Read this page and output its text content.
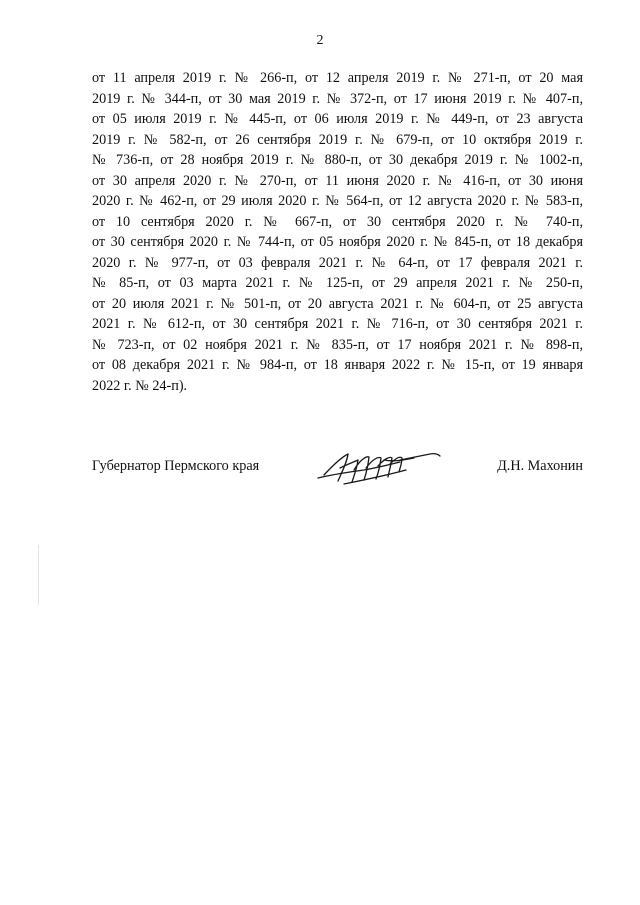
2
от 11 апреля 2019 г. № 266-п, от 12 апреля 2019 г. № 271-п, от 20 мая
2019 г. № 344-п, от 30 мая 2019 г. № 372-п, от 17 июня 2019 г. № 407-п,
от 05 июля 2019 г. № 445-п, от 06 июля 2019 г. № 449-п, от 23 августа
2019 г. № 582-п, от 26 сентября 2019 г. № 679-п, от 10 октября 2019 г.
№ 736-п, от 28 ноября 2019 г. № 880-п, от 30 декабря 2019 г. № 1002-п,
от 30 апреля 2020 г. № 270-п, от 11 июня 2020 г. № 416-п, от 30 июня
2020 г. № 462-п, от 29 июля 2020 г. № 564-п, от 12 августа 2020 г. № 583-п,
от 10 сентября 2020 г. № 667-п, от 30 сентября 2020 г. № 740-п,
от 30 сентября 2020 г. № 744-п, от 05 ноября 2020 г. № 845-п, от 18 декабря
2020 г. № 977-п, от 03 февраля 2021 г. № 64-п, от 17 февраля 2021 г.
№ 85-п, от 03 марта 2021 г. № 125-п, от 29 апреля 2021 г. № 250-п,
от 20 июля 2021 г. № 501-п, от 20 августа 2021 г. № 604-п, от 25 августа
2021 г. № 612-п, от 30 сентября 2021 г. № 716-п, от 30 сентября 2021 г.
№ 723-п, от 02 ноября 2021 г. № 835-п, от 17 ноября 2021 г. № 898-п,
от 08 декабря 2021 г. № 984-п, от 18 января 2022 г. № 15-п, от 19 января
2022 г. № 24-п).
Губернатор Пермского края	Д.Н. Махонин
